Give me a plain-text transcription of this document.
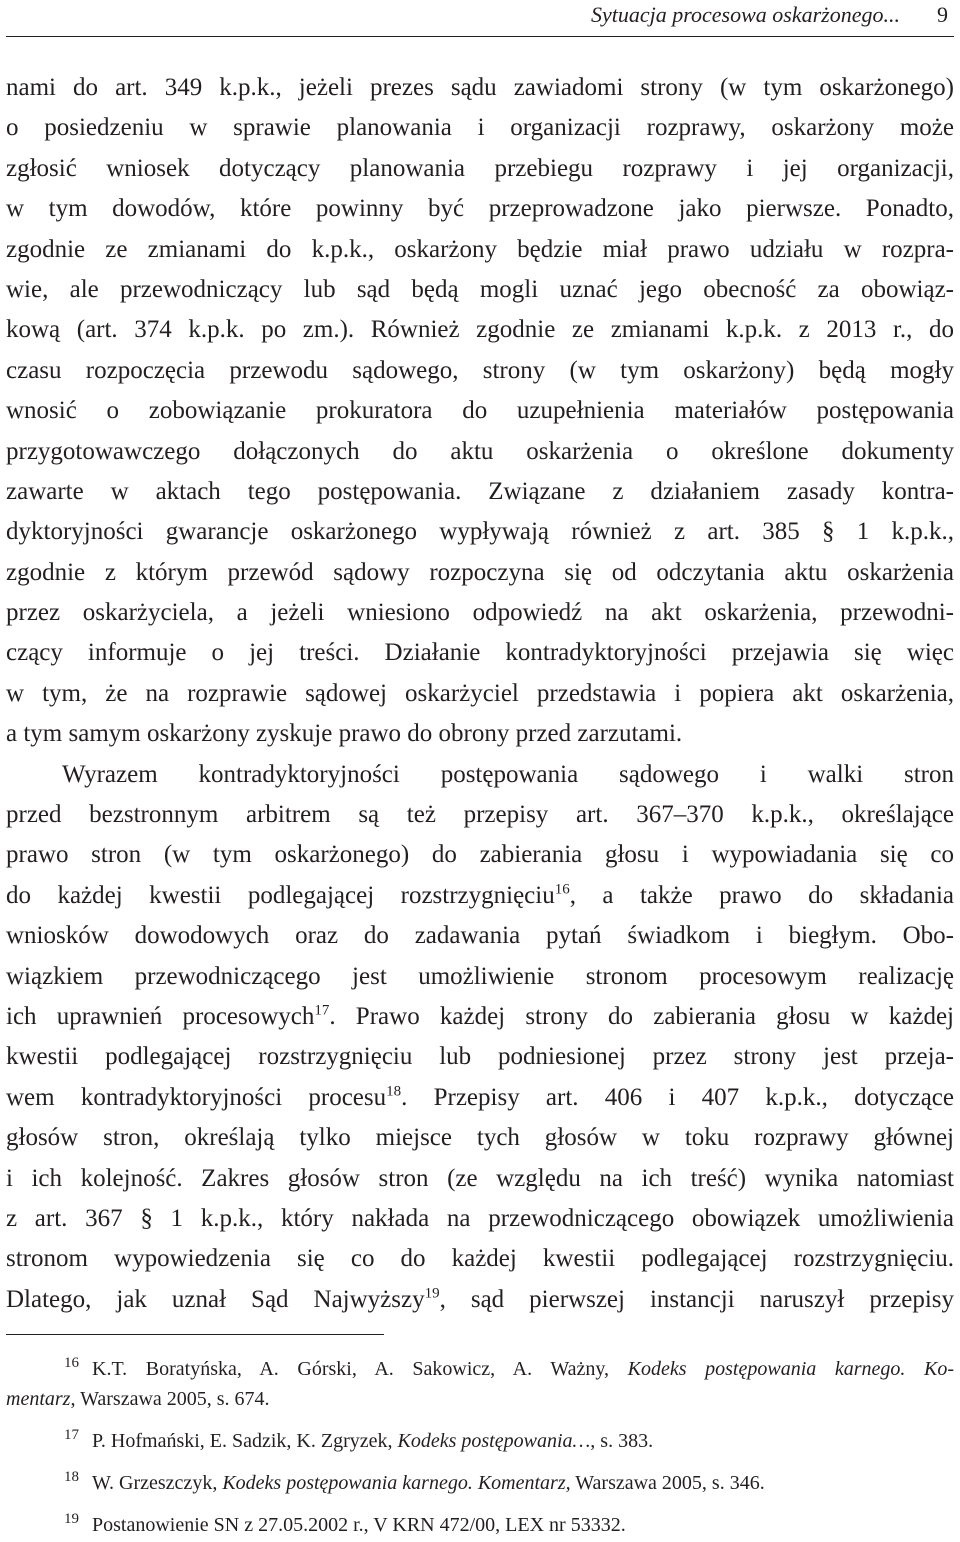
Sytuacja procesowa oskarżonego... 9
nami do art. 349 k.p.k., jeżeli prezes sądu zawiadomi strony (w tym oskarżonego)
o posiedzeniu w sprawie planowania i organizacji rozprawy, oskarżony może
zgłosić wniosek dotyczący planowania przebiegu rozprawy i jej organizacji,
w tym dowodów, które powinny być przeprowadzone jako pierwsze. Ponadto,
zgodnie ze zmianami do k.p.k., oskarżony będzie miał prawo udziału w rozpra-
wie, ale przewodniczący lub sąd będą mogli uznać jego obecność za obowiąz-
kową (art. 374 k.p.k. po zm.). Również zgodnie ze zmianami k.p.k. z 2013 r., do
czasu rozpoczęcia przewodu sądowego, strony (w tym oskarżony) będą mogły
wnosić o zobowiązanie prokuratora do uzupełnienia materiałów postępowania
przygotowawczego dołączonych do aktu oskarżenia o określone dokumenty
zawarte w aktach tego postępowania. Związane z działaniem zasady kontra-
dyktoryjności gwarancje oskarżonego wypływają również z art. 385 § 1 k.p.k.,
zgodnie z którym przewód sądowy rozpoczyna się od odczytania aktu oskarżenia
przez oskarżyciela, a jeżeli wniesiono odpowiedź na akt oskarżenia, przewodni-
czący informuje o jej treści. Działanie kontradyktoryjności przejawia się więc
w tym, że na rozprawie sądowej oskarżyciel przedstawia i popiera akt oskarżenia,
a tym samym oskarżony zyskuje prawo do obrony przed zarzutami.
Wyrazem kontradyktoryjności postępowania sądowego i walki stron
przed bezstronnym arbitrem są też przepisy art. 367–370 k.p.k., określające
prawo stron (w tym oskarżonego) do zabierania głosu i wypowiadania się co
do każdej kwestii podlegającej rozstrzygnięciu$^{16}$, a także prawo do składania
wniosków dowodowych oraz do zadawania pytań świadkom i biegłym. Obo-
wiązkiem przewodniczącego jest umożliwienie stronom procesowym realizację
ich uprawnień procesowych$^{17}$. Prawo każdej strony do zabierania głosu w każdej
kwestii podlegającej rozstrzygnięciu lub podniesionej przez strony jest przeja-
wem kontradyktoryjności procesu$^{18}$. Przepisy art. 406 i 407 k.p.k., dotyczące
głosów stron, określają tylko miejsce tych głosów w toku rozprawy głównej
i ich kolejność. Zakres głosów stron (ze względu na ich treść) wynika natomiast
z art. 367 § 1 k.p.k., który nakłada na przewodniczącego obowiązek umożliwienia
stronom wypowiedzenia się co do każdej kwestii podlegającej rozstrzygnięciu.
Dlatego, jak uznał Sąd Najwyższy$^{19}$, sąd pierwszej instancji naruszył przepisy
16 K.T. Boratyńska, A. Górski, A. Sakowicz, A. Ważny, Kodeks postępowania karnego. Ko-
mentarz, Warszawa 2005, s. 674.
17 P. Hofmański, E. Sadzik, K. Zgryzek, Kodeks postępowania…, s. 383.
18 W. Grzeszczyk, Kodeks postępowania karnego. Komentarz, Warszawa 2005, s. 346.
19 Postanowienie SN z 27.05.2002 r., V KRN 472/00, LEX nr 53332.
